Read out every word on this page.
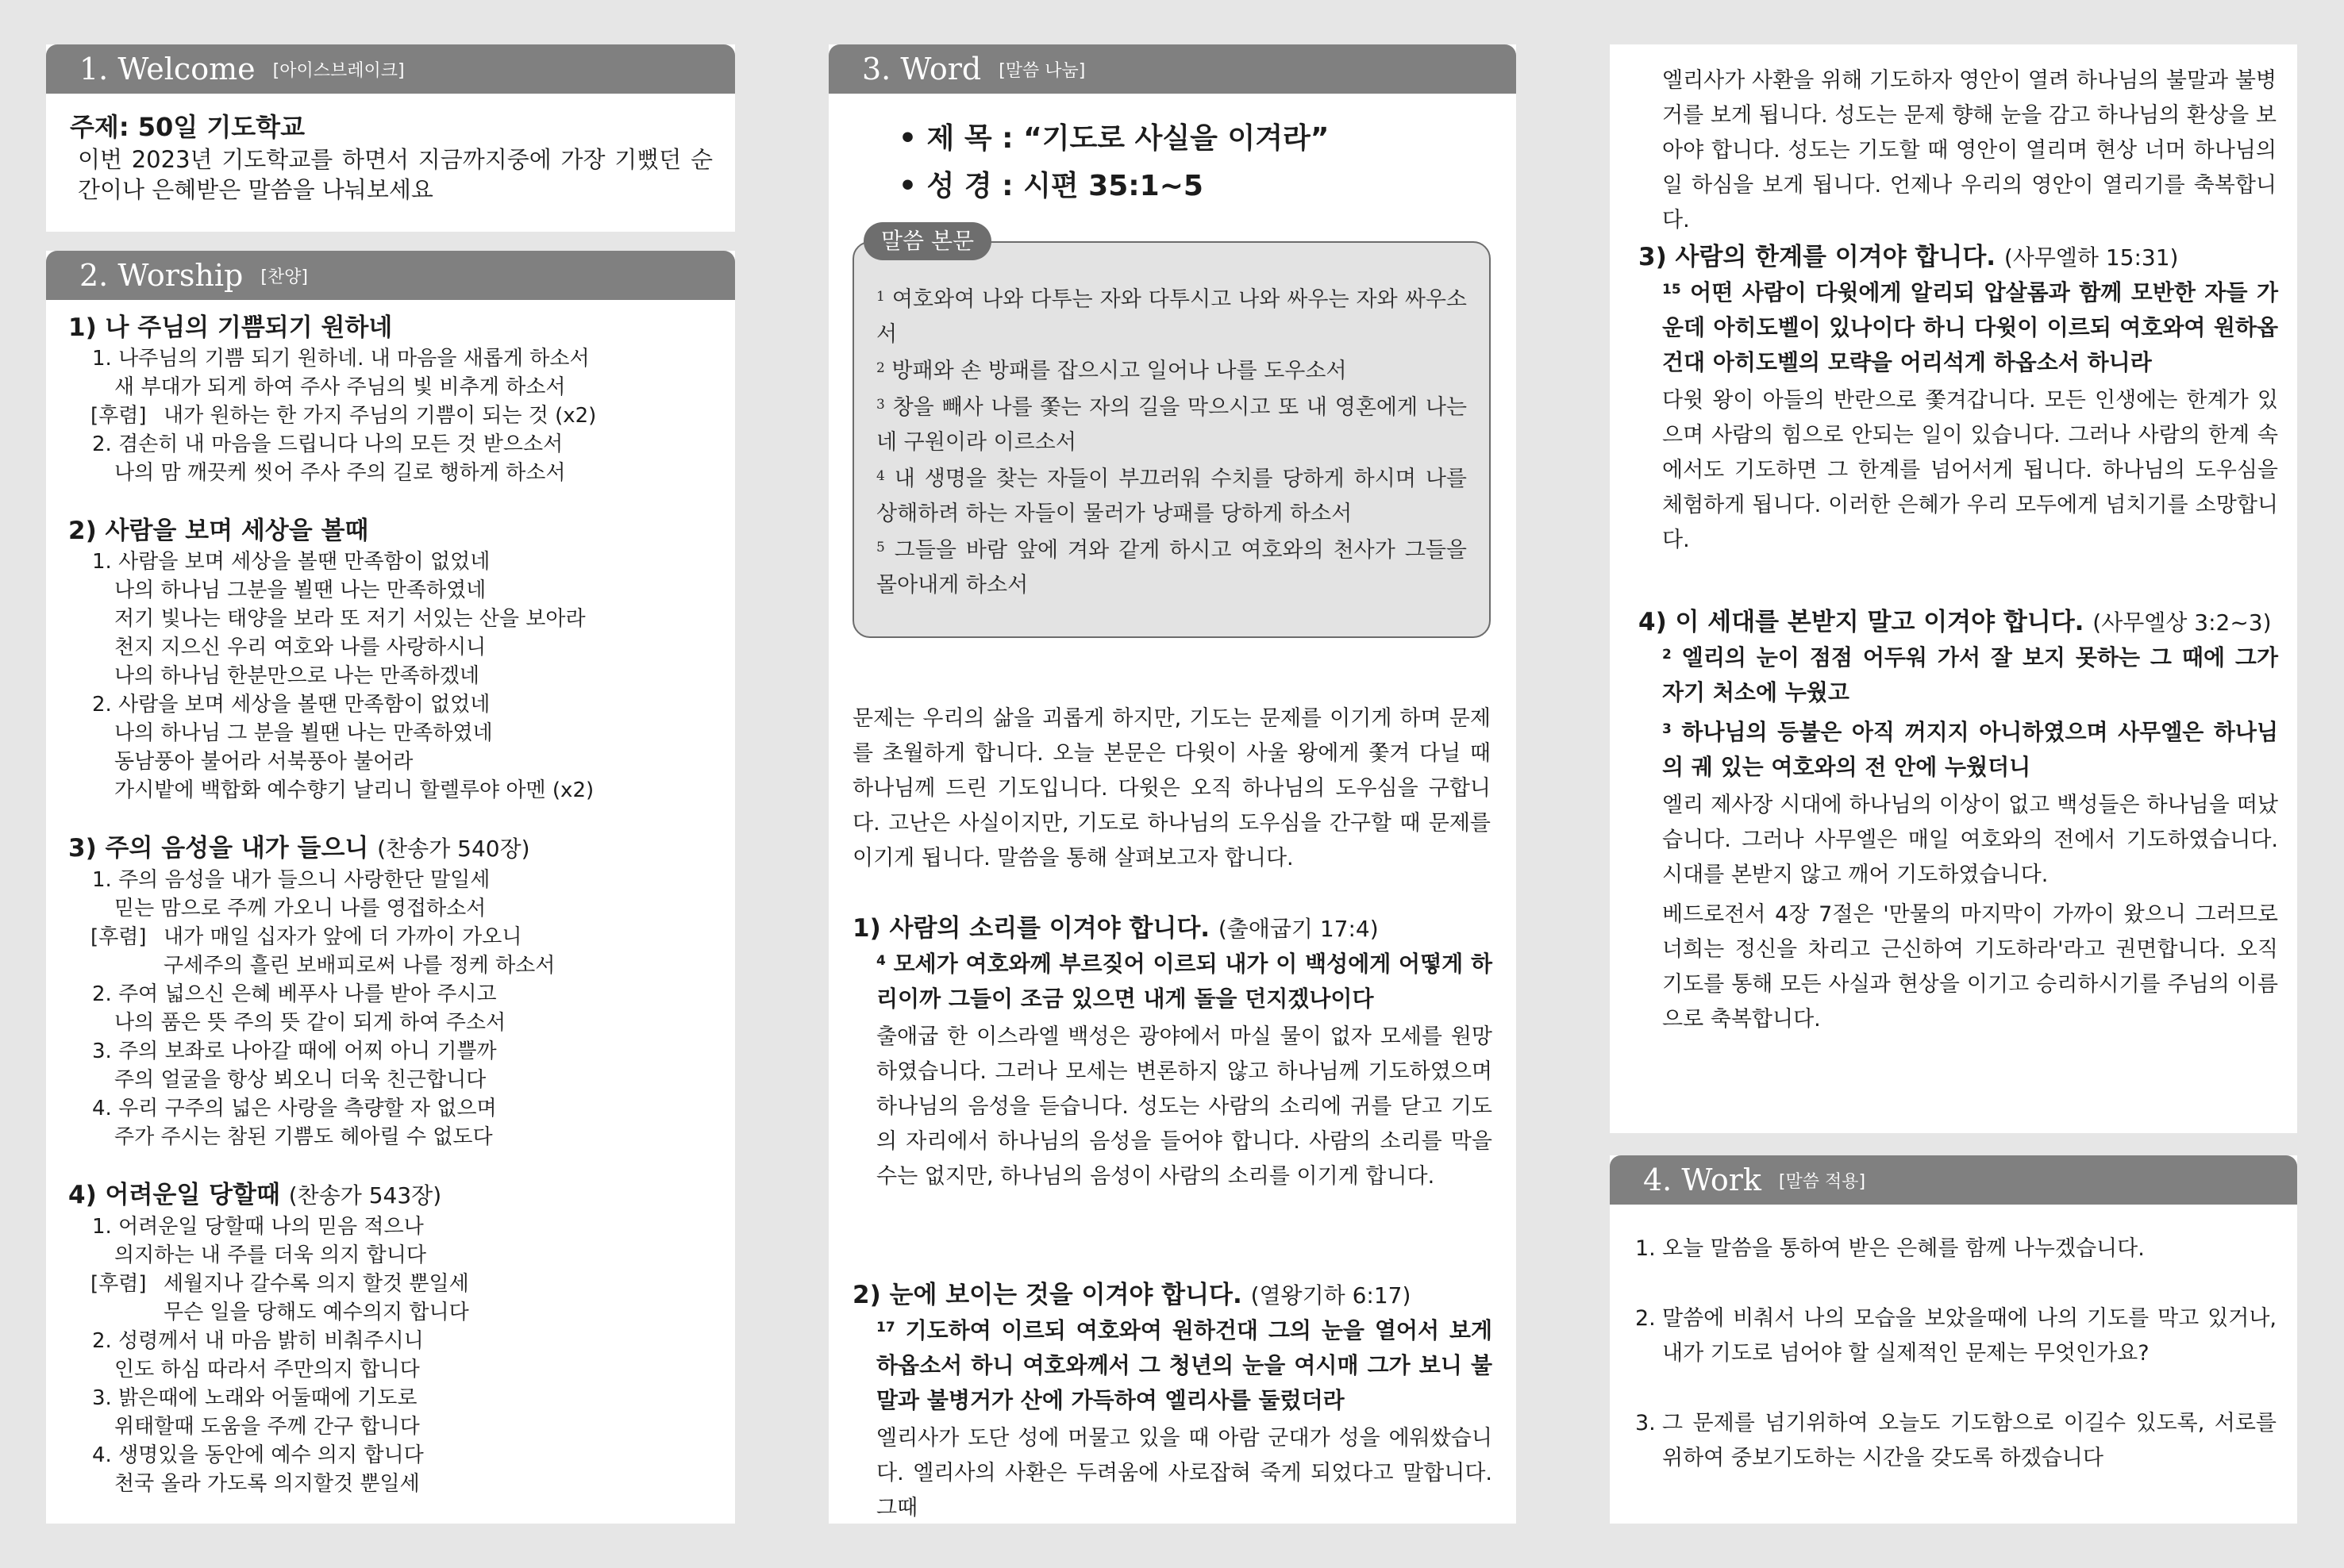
1. Welcome [아이스브레이크]
주제: 50일 기도학교
이번 2023년 기도학교를 하면서 지금까지중에 가장 기뻤던 순간이나 은혜받은 말씀을 나눠보세요
2. Worship [찬양]
1) 나 주님의 기쁨되기 원하네
1. 나주님의 기쁨 되기 원하네. 내 마음을 새롭게 하소서
새 부대가 되게 하여 주사 주님의 빛 비추게 하소서
[후렴] 내가 원하는 한 가지 주님의 기쁨이 되는 것 (x2)
2. 겸손히 내 마음을 드립니다 나의 모든 것 받으소서
나의 맘 깨끗케 씻어 주사 주의 길로 행하게 하소서
2) 사람을 보며 세상을 볼때
1. 사람을 보며 세상을 볼땐 만족함이 없었네
나의 하나님 그분을 뵐땐 나는 만족하였네
저기 빛나는 태양을 보라 또 저기 서있는 산을 보아라
천지 지으신 우리 여호와 나를 사랑하시니
나의 하나님 한분만으로 나는 만족하겠네
2. 사람을 보며 세상을 볼땐 만족함이 없었네
나의 하나님 그 분을 뵐땐 나는 만족하였네
동남풍아 불어라 서북풍아 불어라
가시밭에 백합화 예수향기 날리니 할렐루야 아멘 (x2)
3) 주의 음성을 내가 들으니 (찬송가 540장)
1. 주의 음성을 내가 들으니 사랑한단 말일세
믿는 맘으로 주께 가오니 나를 영접하소서
[후렴] 내가 매일 십자가 앞에 더 가까이 가오니
구세주의 흘린 보배피로써 나를 정케 하소서
2. 주여 넓으신 은혜 베푸사 나를 받아 주시고
나의 품은 뜻 주의 뜻 같이 되게 하여 주소서
3. 주의 보좌로 나아갈 때에 어찌 아니 기쁠까
주의 얼굴을 항상 뵈오니 더욱 친근합니다
4. 우리 구주의 넓은 사랑을 측량할 자 없으며
주가 주시는 참된 기쁨도 헤아릴 수 없도다
4) 어려운일 당할때 (찬송가 543장)
1. 어려운일 당할때 나의 믿음 적으나
의지하는 내 주를 더욱 의지 합니다
[후렴] 세월지나 갈수록 의지 할것 뿐일세
무슨 일을 당해도 예수의지 합니다
2. 성령께서 내 마음 밝히 비춰주시니
인도 하심 따라서 주만의지 합니다
3. 밝은때에 노래와 어둘때에 기도로
위태할때 도움을 주께 간구 합니다
4. 생명있을 동안에 예수 의지 합니다
천국 올라 가도록 의지할것 뿐일세
3. Word [말씀 나눔]
• 제 목 : “기도로 사실을 이겨라”
• 성 경 : 시편 35:1~5
말씀 본문
$^1$ 여호와여 나와 다투는 자와 다투시고 나와 싸우는 자와 싸우소서
$^2$ 방패와 손 방패를 잡으시고 일어나 나를 도우소서
$^3$ 창을 빼사 나를 쫓는 자의 길을 막으시고 또 내 영혼에게 나는 네 구원이라 이르소서
$^4$ 내 생명을 찾는 자들이 부끄러워 수치를 당하게 하시며 나를 상해하려 하는 자들이 물러가 낭패를 당하게 하소서
$^5$ 그들을 바람 앞에 겨와 같게 하시고 여호와의 천사가 그들을 몰아내게 하소서
문제는 우리의 삶을 괴롭게 하지만, 기도는 문제를 이기게 하며 문제를 초월하게 합니다. 오늘 본문은 다윗이 사울 왕에게 쫓겨 다닐 때 하나님께 드린 기도입니다. 다윗은 오직 하나님의 도우심을 구합니다. 고난은 사실이지만, 기도로 하나님의 도우심을 간구할 때 문제를 이기게 됩니다. 말씀을 통해 살펴보고자 합니다.
1) 사람의 소리를 이겨야 합니다. (출애굽기 17:4)
$^4$ 모세가 여호와께 부르짖어 이르되 내가 이 백성에게 어떻게 하리이까 그들이 조금 있으면 내게 돌을 던지겠나이다
출애굽 한 이스라엘 백성은 광야에서 마실 물이 없자 모세를 원망하였습니다. 그러나 모세는 변론하지 않고 하나님께 기도하였으며 하나님의 음성을 듣습니다. 성도는 사람의 소리에 귀를 닫고 기도의 자리에서 하나님의 음성을 들어야 합니다. 사람의 소리를 막을 수는 없지만, 하나님의 음성이 사람의 소리를 이기게 합니다.
2) 눈에 보이는 것을 이겨야 합니다. (열왕기하 6:17)
$^{17}$ 기도하여 이르되 여호와여 원하건대 그의 눈을 열어서 보게 하옵소서 하니 여호와께서 그 청년의 눈을 여시매 그가 보니 불말과 불병거가 산에 가득하여 엘리사를 둘렀더라
엘리사가 도단 성에 머물고 있을 때 아람 군대가 성을 에워쌌습니다. 엘리사의 사환은 두려움에 사로잡혀 죽게 되었다고 말합니다. 그때
엘리사가 사환을 위해 기도하자 영안이 열려 하나님의 불말과 불병거를 보게 됩니다. 성도는 문제 향해 눈을 감고 하나님의 환상을 보아야 합니다. 성도는 기도할 때 영안이 열리며 현상 너머 하나님의 일 하심을 보게 됩니다. 언제나 우리의 영안이 열리기를 축복합니다.
3) 사람의 한계를 이겨야 합니다. (사무엘하 15:31)
$^{15}$ 어떤 사람이 다윗에게 알리되 압살롬과 함께 모반한 자들 가운데 아히도벨이 있나이다 하니 다윗이 이르되 여호와여 원하옵건대 아히도벨의 모략을 어리석게 하옵소서 하니라
다윗 왕이 아들의 반란으로 쫓겨갑니다. 모든 인생에는 한계가 있으며 사람의 힘으로 안되는 일이 있습니다. 그러나 사람의 한계 속에서도 기도하면 그 한계를 넘어서게 됩니다. 하나님의 도우심을 체험하게 됩니다. 이러한 은혜가 우리 모두에게 넘치기를 소망합니다.
4) 이 세대를 본받지 말고 이겨야 합니다. (사무엘상 3:2~3)
$^2$ 엘리의 눈이 점점 어두워 가서 잘 보지 못하는 그 때에 그가 자기 처소에 누웠고
$^3$ 하나님의 등불은 아직 꺼지지 아니하였으며 사무엘은 하나님의 궤 있는 여호와의 전 안에 누웠더니
엘리 제사장 시대에 하나님의 이상이 없고 백성들은 하나님을 떠났습니다. 그러나 사무엘은 매일 여호와의 전에서 기도하였습니다. 시대를 본받지 않고 깨어 기도하였습니다.
베드로전서 4장 7절은 '만물의 마지막이 가까이 왔으니 그러므로 너희는 정신을 차리고 근신하여 기도하라'라고 권면합니다. 오직 기도를 통해 모든 사실과 현상을 이기고 승리하시기를 주님의 이름으로 축복합니다.
4. Work [말씀 적용]
1. 오늘 말씀을 통하여 받은 은혜를 함께 나누겠습니다.
2. 말씀에 비춰서 나의 모습을 보았을때에 나의 기도를 막고 있거나, 내가 기도로 넘어야 할 실제적인 문제는 무엇인가요?
3. 그 문제를 넘기위하여 오늘도 기도함으로 이길수 있도록, 서로를 위하여 중보기도하는 시간을 갖도록 하겠습니다
